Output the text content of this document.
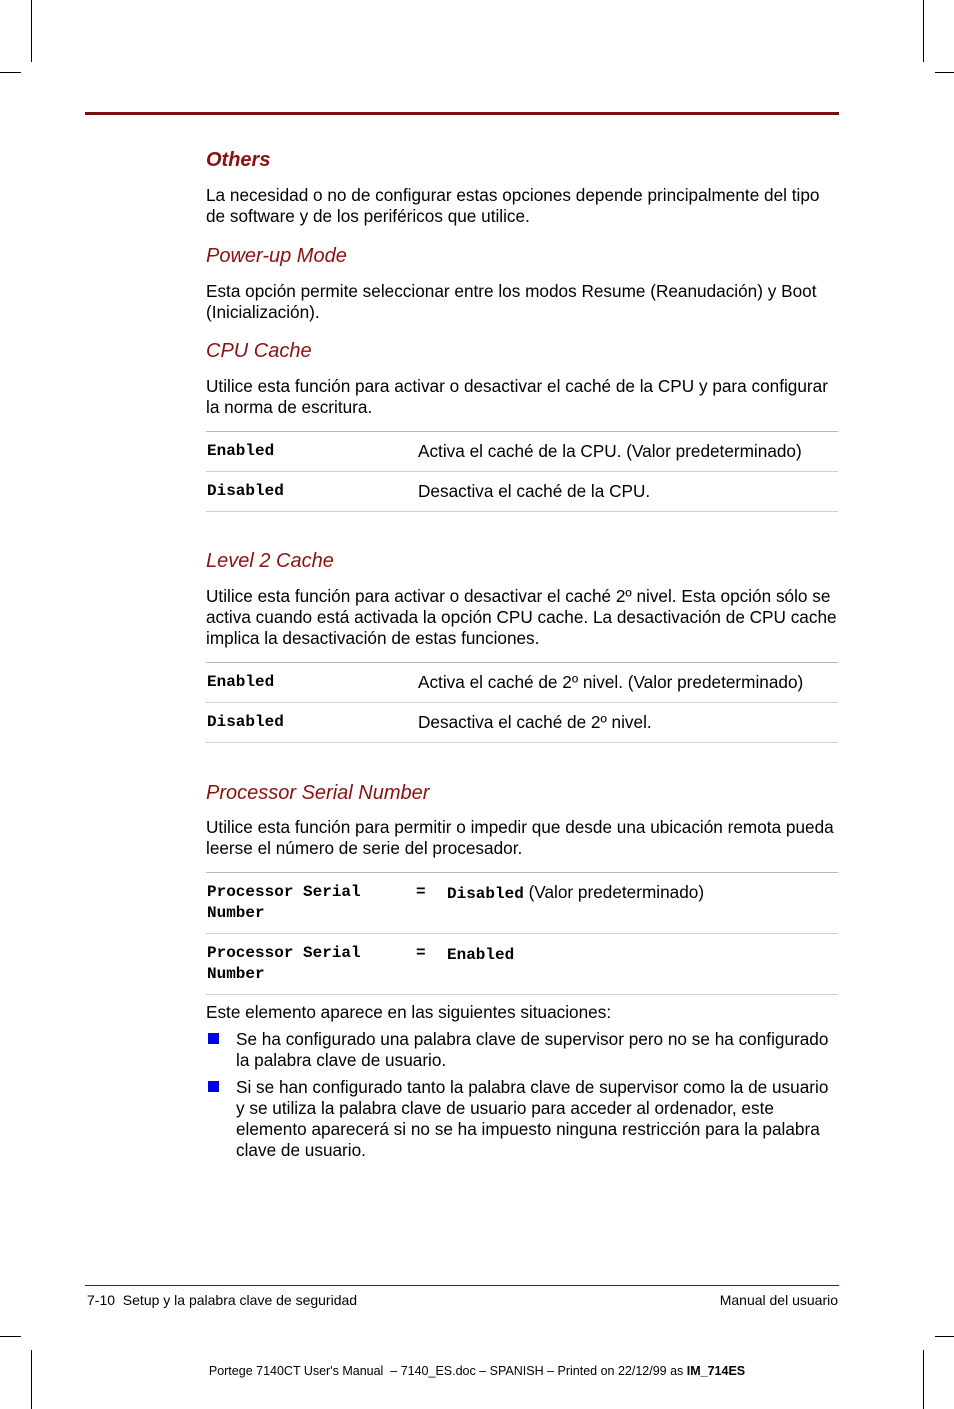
Others

La necesidad o no de configurar estas opciones depende principalmente del tipo de software y de los periféricos que utilice.

Power-up Mode

Esta opción permite seleccionar entre los modos Resume (Reanudación) y Boot (Inicialización).

CPU Cache

Utilice esta función para activar o desactivar el caché de la CPU y para configurar la norma de escritura.

Enabled	Activa el caché de la CPU. (Valor predeterminado)
Disabled	Desactiva el caché de la CPU.
Level 2 Cache

Utilice esta función para activar o desactivar el caché 2º nivel. Esta opción sólo se activa cuando está activada la opción CPU cache. La desactivación de CPU cache implica la desactivación de estas funciones.

Enabled	Activa el caché de 2º nivel. (Valor predeterminado)
Disabled	Desactiva el caché de 2º nivel.
Processor Serial Number

Utilice esta función para permitir o impedir que desde una ubicación remota pueda leerse el número de serie del procesador.

Processor Serial Number	=	Disabled (Valor predeterminado)
Processor Serial Number	=	Enabled

Este elemento aparece en las siguientes situaciones:

Se ha configurado una palabra clave de supervisor pero no se ha configurado la palabra clave de usuario.
Si se han configurado tanto la palabra clave de supervisor como la de usuario y se utiliza la palabra clave de usuario para acceder al ordenador, este elemento aparecerá si no se ha impuesto ninguna restricción para la palabra clave de usuario.
7-10  Setup y la palabra clave de seguridad	Manual del usuario
Portege 7140CT User's Manual  – 7140_ES.doc – SPANISH – Printed on 22/12/99 as IM_714ES
